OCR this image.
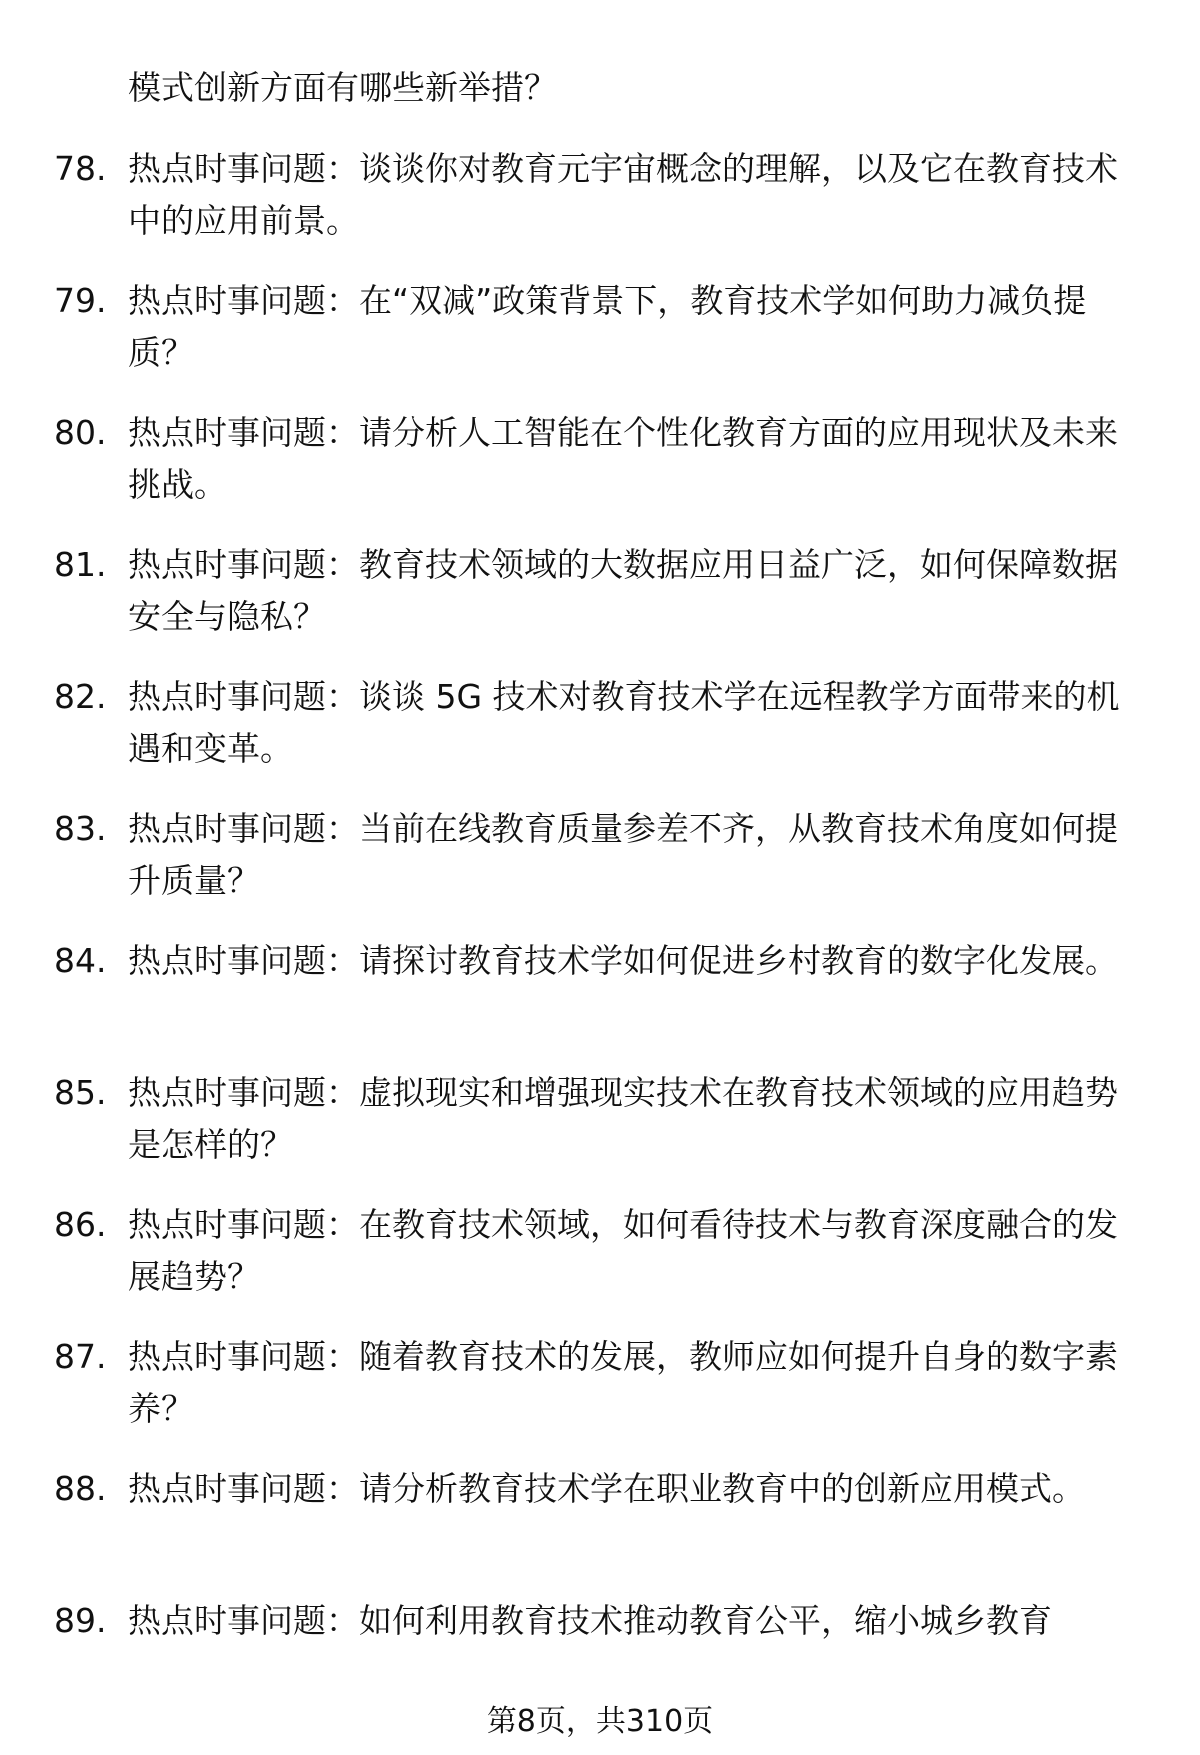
模式创新方面有哪些新举措？
78. 热点时事问题：谈谈你对教育元宇宙概念的理解，以及它在教育技术中的应用前景。
79. 热点时事问题：在“双减”政策背景下，教育技术学如何助力减负提质？
80. 热点时事问题：请分析人工智能在个性化教育方面的应用现状及未来挑战。
81. 热点时事问题：教育技术领域的大数据应用日益广泛，如何保障数据安全与隐私？
82. 热点时事问题：谈谈 5G 技术对教育技术学在远程教学方面带来的机遇和变革。
83. 热点时事问题：当前在线教育质量参差不齐，从教育技术角度如何提升质量？
84. 热点时事问题：请探讨教育技术学如何促进乡村教育的数字化发展。
85. 热点时事问题：虚拟现实和增强现实技术在教育技术领域的应用趋势是怎样的？
86. 热点时事问题：在教育技术领域，如何看待技术与教育深度融合的发展趋势？
87. 热点时事问题：随着教育技术的发展，教师应如何提升自身的数字素养？
88. 热点时事问题：请分析教育技术学在职业教育中的创新应用模式。
89. 热点时事问题：如何利用教育技术推动教育公平，缩小城乡教育
第8页，共310页
